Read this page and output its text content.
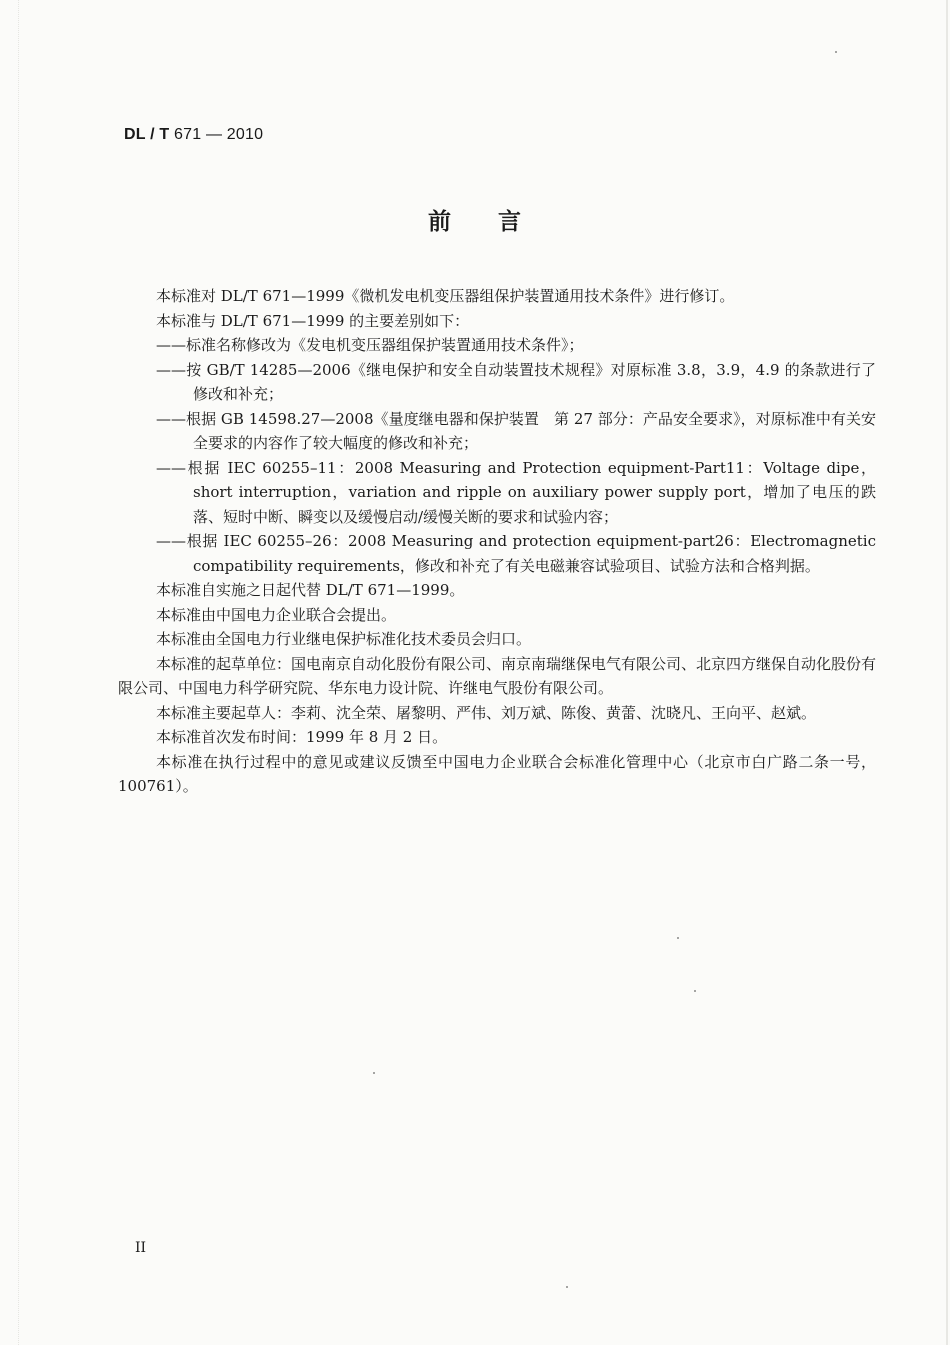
DL / T 671 — 2010
前 言

本标准对 DL/T 671—1999《微机发电机变压器组保护装置通用技术条件》进行修订。

本标准与 DL/T 671—1999 的主要差别如下：

——标准名称修改为《发电机变压器组保护装置通用技术条件》；

——按 GB/T 14285—2006《继电保护和安全自动装置技术规程》对原标准 3.8，3.9，4.9 的条款进行了修改和补充；

——根据 GB 14598.27—2008《量度继电器和保护装置　第 27 部分：产品安全要求》，对原标准中有关安全要求的内容作了较大幅度的修改和补充；

——根据 IEC 60255–11：2008 Measuring and Protection equipment-Part11：Voltage dipe，short interruption，variation and ripple on auxiliary power supply port，增加了电压的跌落、短时中断、瞬变以及缓慢启动/缓慢关断的要求和试验内容；

——根据 IEC 60255–26：2008 Measuring and protection equipment-part26：Electromagnetic compatibility requirements，修改和补充了有关电磁兼容试验项目、试验方法和合格判据。

本标准自实施之日起代替 DL/T 671—1999。

本标准由中国电力企业联合会提出。

本标准由全国电力行业继电保护标准化技术委员会归口。

本标准的起草单位：国电南京自动化股份有限公司、南京南瑞继保电气有限公司、北京四方继保自动化股份有限公司、中国电力科学研究院、华东电力设计院、许继电气股份有限公司。

本标准主要起草人：李莉、沈全荣、屠黎明、严伟、刘万斌、陈俊、黄蕾、沈晓凡、王向平、赵斌。

本标准首次发布时间：1999 年 8 月 2 日。

本标准在执行过程中的意见或建议反馈至中国电力企业联合会标准化管理中心（北京市白广路二条一号，100761）。

II
